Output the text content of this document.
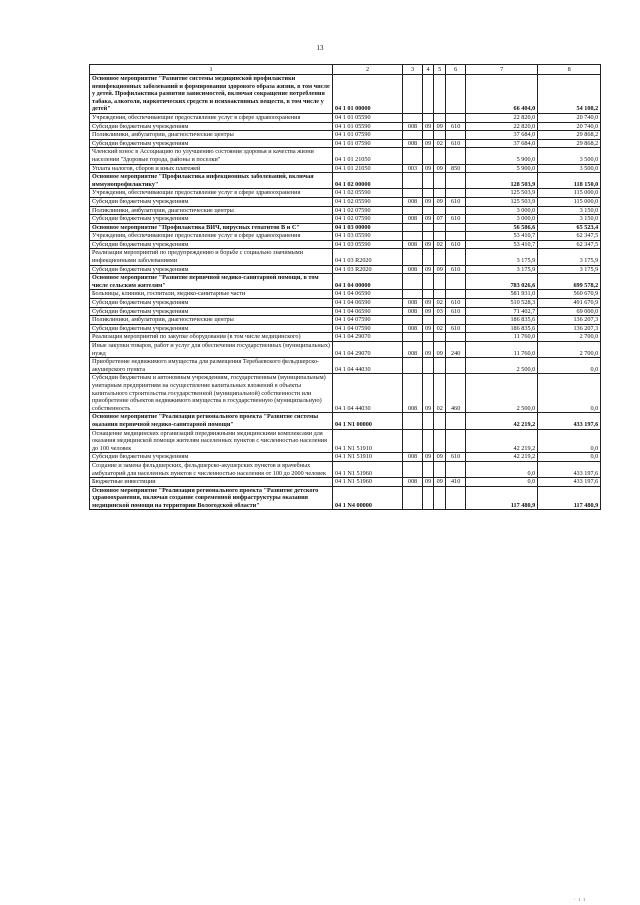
13
1	2	3	4	5	6	7	8
Основное мероприятие "Развитие системы медицинской профилактики неинфекционных заболеваний и формирования здорового образа жизни, в том числе у детей. Профилактика развития зависимостей, включая сокращение потребления табака, алкоголя, наркотических средств и психоактивных веществ, в том числе у детей"	04 1 01 00000					66 404,0	54 108,2
Учреждения, обеспечивающие предоставление услуг в сфере здравоохранения	04 1 01 05590					22 820,0	20 740,0
Субсидии бюджетным учреждениям	04 1 01 05590	008	09	09	610	22 820,0	20 740,0
Поликлиники, амбулатории, диагностические центры	04 1 01 07590					37 684,0	29 868,2
Субсидии бюджетным учреждениям	04 1 01 07590	008	09	02	610	37 684,0	29 868,2
Членский взнос в Ассоциацию по улучшению состояния здоровья и качества жизни населения "Здоровые города, районы и поселки"	04 1 01 21050					5 900,0	3 500,0
Уплата налогов, сборов и иных платежей	04 1 01 21050	003	09	09	850	5 900,0	3 500,0
Основное мероприятие "Профилактика инфекционных заболеваний, включая иммунопрофилактику"	04 1 02 00000					128 503,9	118 150,0
Учреждения, обеспечивающие предоставление услуг в сфере здравоохранения	04 1 02 05590					125 503,9	115 000,0
Субсидии бюджетным учреждениям	04 1 02 05590	008	09	09	610	125 503,9	115 000,0
Поликлиники, амбулатории, диагностические центры	04 1 02 07590					3 000,0	3 150,0
Субсидии бюджетным учреждениям	04 1 02 07590	008	09	07	610	3 000,0	3 150,0
Основное мероприятие "Профилактика ВИЧ, вирусных гепатитов В и С"	04 1 03 00000					56 586,6	65 523,4
Учреждения, обеспечивающие предоставление услуг в сфере здравоохранения	04 1 03 05590					53 410,7	62 347,5
Субсидии бюджетным учреждениям	04 1 03 05590	008	09	02	610	53 410,7	62 347,5
Реализация мероприятий по предупреждению и борьбе с социально значимыми инфекционными заболеваниями	04 1 03 R2020					3 175,9	3 175,9
Субсидии бюджетным учреждениям	04 1 03 R2020	008	09	09	610	3 175,9	3 175,9
Основное мероприятие "Развитие первичной медико-санитарной помощи, в том числе сельским жителям"	04 1 04 00000					783 026,6	699 578,2
Больницы, клиники, госпитали, медико-санитарные части	04 1 04 06590					581 931,0	560 670,9
Субсидии бюджетным учреждениям	04 1 04 06590	008	09	02	610	510 528,3	491 670,9
Субсидии бюджетным учреждениям	04 1 04 06590	008	09	03	610	71 402,7	69 000,0
Поликлиники, амбулатории, диагностические центры	04 1 04 07590					186 835,6	136 207,3
Субсидии бюджетным учреждениям	04 1 04 07590	008	09	02	610	186 835,6	136 207,3
Реализация мероприятий по закупке оборудования (в том числе медицинского)	04 1 04 29070					11 760,0	2 700,0
Иные закупки товаров, работ и услуг для обеспечения государственных (муниципальных) нужд	04 1 04 29070	008	09	09	240	11 760,0	2 700,0
Приобретение недвижимого имущества для размещения Теребаевского фельдшерско-акушерского пункта	04 1 04 44030					2 500,0	0,0
Субсидии бюджетным и автономным учреждениям, государственным (муниципальным) унитарным предприятиям на осуществление капитальных вложений в объекты капитального строительства государственной (муниципальной) собственности или приобретение объектов недвижимого имущества в государственную (муниципальную) собственность	04 1 04 44030	008	09	02	460	2 500,0	0,0
Основное мероприятие "Реализация регионального проекта "Развитие системы оказания первичной медико-санитарной помощи"	04 1 N1 00000					42 219,2	433 197,6
Оснащение медицинских организаций передвижными медицинскими комплексами для оказания медицинской помощи жителям населенных пунктов с численностью населения до 100 человек	04 1 N1 51910					42 219,2	0,0
Субсидии бюджетным учреждениям	04 1 N1 51910	008	09	09	610	42 219,2	0,0
Создание и замена фельдшерских, фельдшерско-акушерских пунктов и врачебных амбулаторий для населенных пунктов с численностью населения от 100 до 2000 человек	04 1 N1 51960					0,0	433 197,6
Бюджетные инвестиции	04 1 N1 51960	008	09	09	410	0,0	433 197,6
Основное мероприятие "Реализация регионального проекта "Развитие детского здравоохранения, включая создание современной инфраструктуры оказания медицинской помощи на территории Вологодской области"	04 1 N4 00000					117 480,9	117 480,9
·  ı  ı
